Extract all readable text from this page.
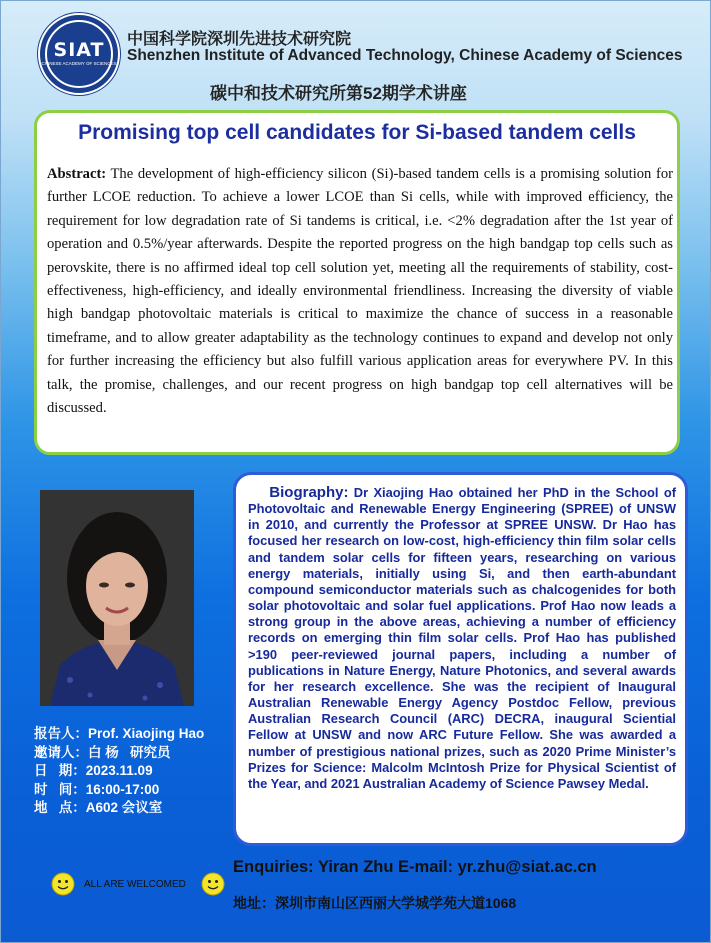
SIAT
CHINESE ACADEMY OF SCIENCES
中国科学院深圳先进技术研究院
Shenzhen Institute of Advanced Technology, Chinese Academy of Sciences
碳中和技术研究所第52期学术讲座
Promising top cell candidates for Si-based tandem cells
Abstract: The development of high-efficiency silicon (Si)-based tandem cells is a promising solution for further LCOE reduction. To achieve a lower LCOE than Si cells, while with improved efficiency, the requirement for low degradation rate of Si tandems is critical, i.e. <2% degradation after the 1st year of operation and 0.5%/year afterwards. Despite the reported progress on the high bandgap top cells such as perovskite, there is no affirmed ideal top cell solution yet, meeting all the requirements of stability, cost-effectiveness, high-efficiency, and ideally environmental friendliness. Increasing the diversity of viable high bandgap photovoltaic materials is critical to maximize the chance of success in a reasonable timeframe, and to allow greater adaptability as the technology continues to expand and develop not only for further increasing the efficiency but also fulfill various application areas for everywhere PV. In this talk, the promise, challenges, and our recent progress on high bandgap top cell alternatives will be discussed.
Biography: Dr Xiaojing Hao obtained her PhD in the School of Photovoltaic and Renewable Energy Engineering (SPREE) of UNSW in 2010, and currently the Professor at SPREE UNSW. Dr Hao has focused her research on low-cost, high-efficiency thin film solar cells and tandem solar cells for fifteen years, researching on various energy materials, initially using Si, and then earth-abundant compound semiconductor materials such as chalcogenides for both solar photovoltaic and solar fuel applications. Prof Hao now leads a strong group in the above areas, achieving a number of efficiency records on emerging thin film solar cells. Prof Hao has published >190 peer-reviewed journal papers, including a number of publications in Nature Energy, Nature Photonics, and several awards for her research excellence. She was the recipient of Inaugural Australian Renewable Energy Agency Postdoc Fellow, previous Australian Research Council (ARC) DECRA, inaugural Sciential Fellow at UNSW and now ARC Future Fellow. She was awarded a number of prestigious national prizes, such as 2020 Prime Minister’s Prizes for Science: Malcolm McIntosh Prize for Physical Scientist of the Year, and 2021 Australian Academy of Science Pawsey Medal.
报告人：Prof. Xiaojing Hao
邀请人：白 杨   研究员
日   期：2023.11.09
时   间：16:00-17:00
地   点：A602 会议室
ALL ARE WELCOMED
Enquiries: Yiran Zhu E-mail: yr.zhu@siat.ac.cn
地址：深圳市南山区西丽大学城学苑大道1068
